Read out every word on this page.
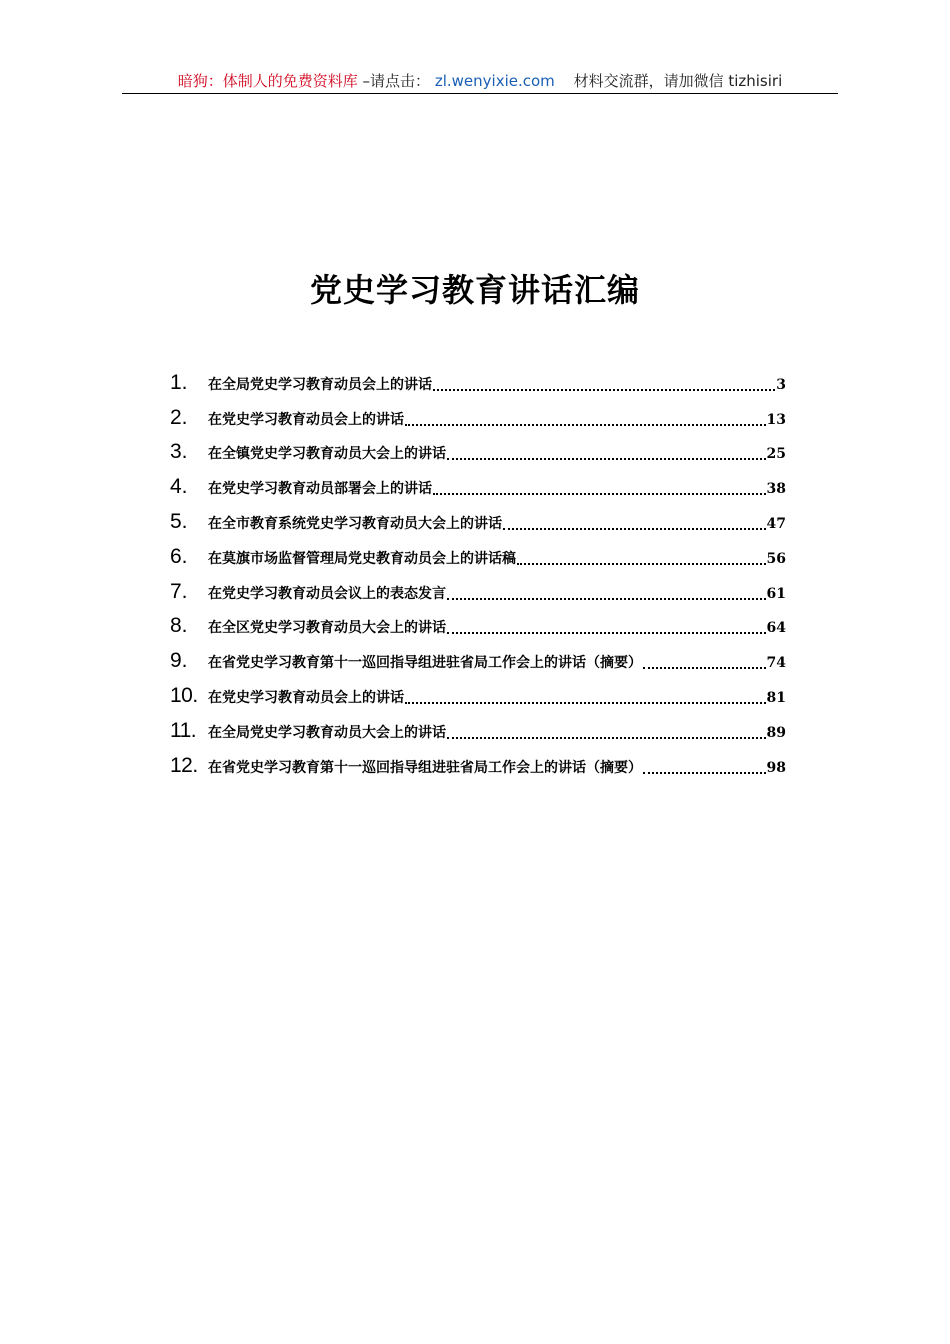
暗狗：体制人的免费资料库 –请点击： zl.wenyixie.com 材料交流群，请加微信 tizhisiri
党史学习教育讲话汇编
1.	在全局党史学习教育动员会上的讲话	3
2.	在党史学习教育动员会上的讲话	13
3.	在全镇党史学习教育动员大会上的讲话	25
4.	在党史学习教育动员部署会上的讲话	38
5.	在全市教育系统党史学习教育动员大会上的讲话	47
6.	在莫旗市场监督管理局党史教育动员会上的讲话稿	56
7.	在党史学习教育动员会议上的表态发言	61
8.	在全区党史学习教育动员大会上的讲话	64
9.	在省党史学习教育第十一巡回指导组进驻省局工作会上的讲话（摘要）	74
10. 在党史学习教育动员会上的讲话	81
11. 在全局党史学习教育动员大会上的讲话	89
12. 在省党史学习教育第十一巡回指导组进驻省局工作会上的讲话（摘要）	98
